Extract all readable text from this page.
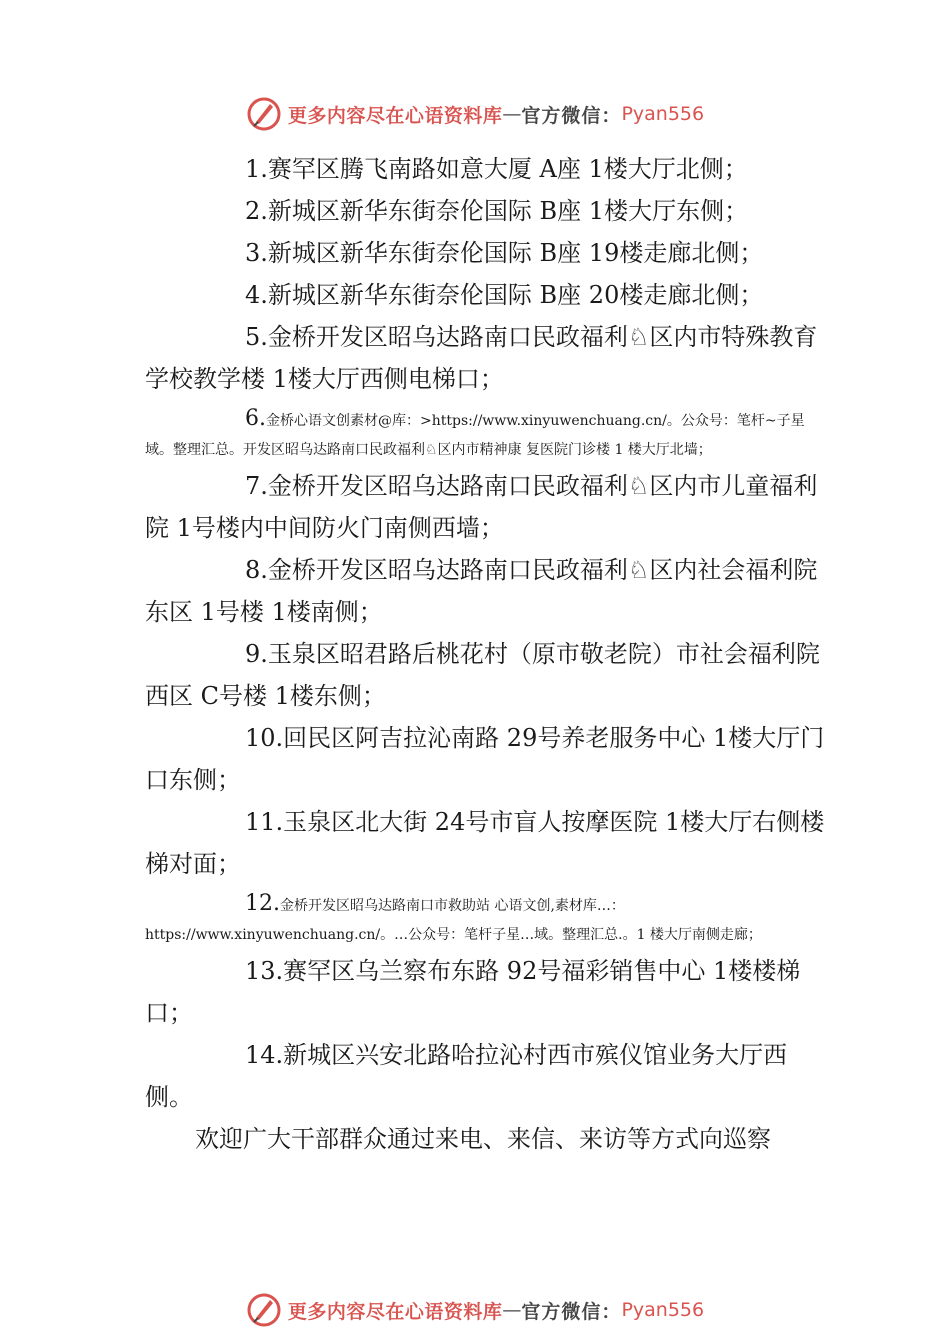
更多内容尽在心语资料库 — 官方微信： Pyan556

1.赛罕区腾飞南路如意大厦 A座 1楼大厅北侧；

2.新城区新华东街奈伦国际 B座 1楼大厅东侧；

3.新城区新华东街奈伦国际 B座 19楼走廊北侧；

4.新城区新华东街奈伦国际 B座 20楼走廊北侧；

5.金桥开发区昭乌达路南口民政福利♘区内市特殊教育学校教学楼 1楼大厅西侧电梯口；

6.金桥心语文创素材@库：>https://www.xinyuwenchuang.cn/。公众号：笔杆~子星域。整理汇总。开发区昭乌达路南口民政福利♘区内市精神康 复医院门诊楼 1 楼大厅北墙；

7.金桥开发区昭乌达路南口民政福利♘区内市儿童福利院 1号楼内中间防火门南侧西墙；

8.金桥开发区昭乌达路南口民政福利♘区内社会福利院东区 1号楼 1楼南侧；

9.玉泉区昭君路后桃花村（原市敬老院）市社会福利院西区 C号楼 1楼东侧；

10.回民区阿吉拉沁南路 29号养老服务中心 1楼大厅门口东侧；

11.玉泉区北大街 24号市盲人按摩医院 1楼大厅右侧楼梯对面；

12.金桥开发区昭乌达路南口市救助站 心语文创,素材库…：https://www.xinyuwenchuang.cn/。…公众号：笔杆子星…域。整理汇总.。1 楼大厅南侧走廊；

13.赛罕区乌兰察布东路 92号福彩销售中心 1楼楼梯口；

14.新城区兴安北路哈拉沁村西市殡仪馆业务大厅西侧。

欢迎广大干部群众通过来电、来信、来访等方式向巡察

更多内容尽在心语资料库 — 官方微信： Pyan556
